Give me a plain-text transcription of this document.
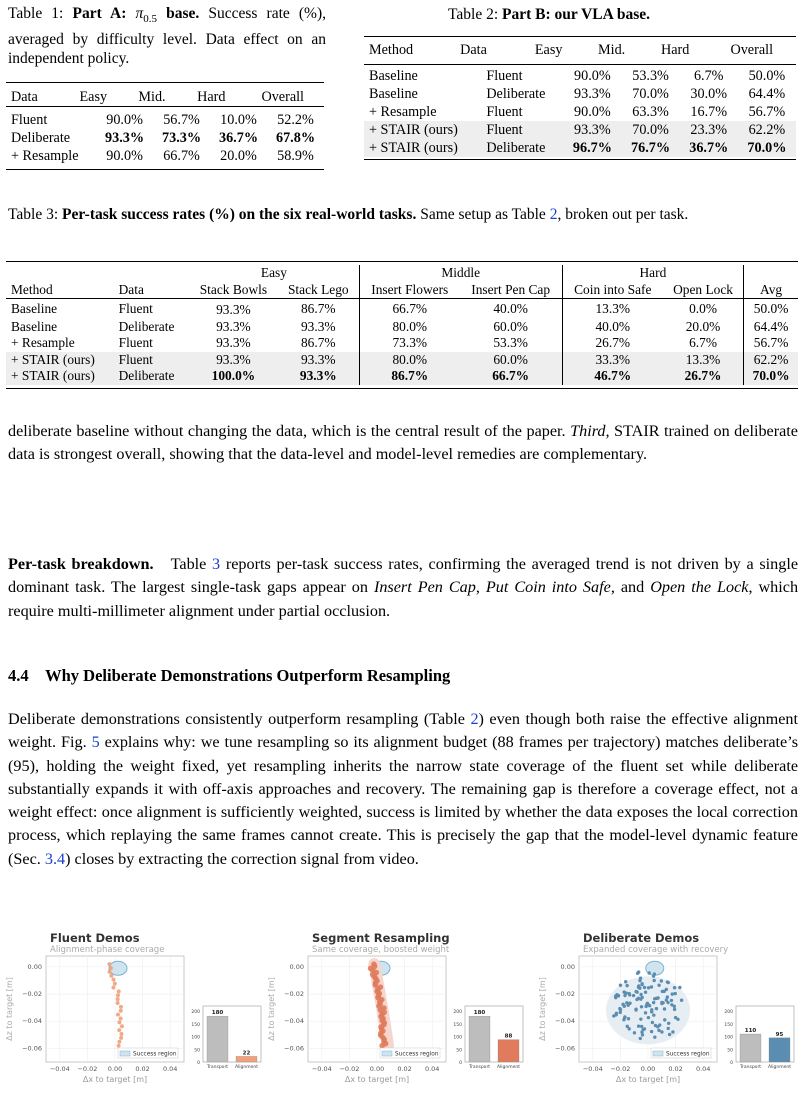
Table 1: Part A: $\pi_{0.5}$ base. Success rate (%), averaged by difficulty level. Data effect on an independent policy.
Data	Easy	Mid.	Hard	Overall
Fluent	90.0%	56.7%	10.0%	52.2%
Deliberate	93.3%	73.3%	36.7%	67.8%
+ Resample	90.0%	66.7%	20.0%	58.9%
Table 2: Part B: our VLA base.
Method	Data	Easy	Mid.	Hard	Overall
Baseline	Fluent	90.0%	53.3%	6.7%	50.0%
Baseline	Deliberate	93.3%	70.0%	30.0%	64.4%
+ Resample	Fluent	90.0%	63.3%	16.7%	56.7%
+ STAIR (ours)	Fluent	93.3%	70.0%	23.3%	62.2%
+ STAIR (ours)	Deliberate	96.7%	76.7%	36.7%	70.0%
Table 3: Per-task success rates (%) on the six real-world tasks. Same setup as Table 2, broken out per task.
		Easy		Middle		Hard		
Method	Data	Stack Bowls	Stack Lego	Insert Flowers	Insert Pen Cap	Coin into Safe	Open Lock	Avg
Baseline	Fluent	93.3%	86.7%	66.7%	40.0%	13.3%	0.0%	50.0%
Baseline	Deliberate	93.3%	93.3%	80.0%	60.0%	40.0%	20.0%	64.4%
+ Resample	Fluent	93.3%	86.7%	73.3%	53.3%	26.7%	6.7%	56.7%
+ STAIR (ours)	Fluent	93.3%	93.3%	80.0%	60.0%	33.3%	13.3%	62.2%
+ STAIR (ours)	Deliberate	100.0%	93.3%	86.7%	66.7%	46.7%	26.7%	70.0%
deliberate baseline without changing the data, which is the central result of the paper. Third, STAIR trained on deliberate data is strongest overall, showing that the data-level and model-level remedies are complementary.
Per-task breakdown. Table 3 reports per-task success rates, confirming the averaged trend is not driven by a single dominant task. The largest single-task gaps appear on Insert Pen Cap, Put Coin into Safe, and Open the Lock, which require multi-millimeter alignment under partial occlusion.
4.4 Why Deliberate Demonstrations Outperform Resampling
Deliberate demonstrations consistently outperform resampling (Table 2) even though both raise the effective alignment weight. Fig. 5 explains why: we tune resampling so its alignment budget (88 frames per trajectory) matches deliberate’s (95), holding the weight fixed, yet resampling inherits the narrow state coverage of the fluent set while deliberate substantially expands it with off-axis approaches and recovery. The remaining gap is therefore a coverage effect, not a weight effect: once alignment is sufficiently weighted, success is limited by whether the data exposes the local correction process, which replaying the same frames cannot create. This is precisely the gap that the model-level dynamic feature (Sec. 3.4) closes by extracting the correction signal from video.
Fluent Demos
Alignment-phase coverage
−0.04 −0.02 0.00 0.02 0.04
0.00
−0.02
−0.04
−0.06
Δx to target [m]
Δz to target [m]
Success region
0
50
100
150
200 180
Transport
22
Alignment
Segment Resampling
Same coverage, boosted weight
−0.04 −0.02 0.00 0.02 0.04
0.00
−0.02
−0.04
−0.06
Δx to target [m]
Δz to target [m]
Success region
0
50
100
150
200 180
Transport
88
Alignment
Deliberate Demos
Expanded coverage with recovery
−0.04 −0.02 0.00 0.02 0.04
0.00
−0.02
−0.04
−0.06
Δx to target [m]
Δz to target [m]
Success region
0
50
100
150
200
110
Transport
95
Alignment
